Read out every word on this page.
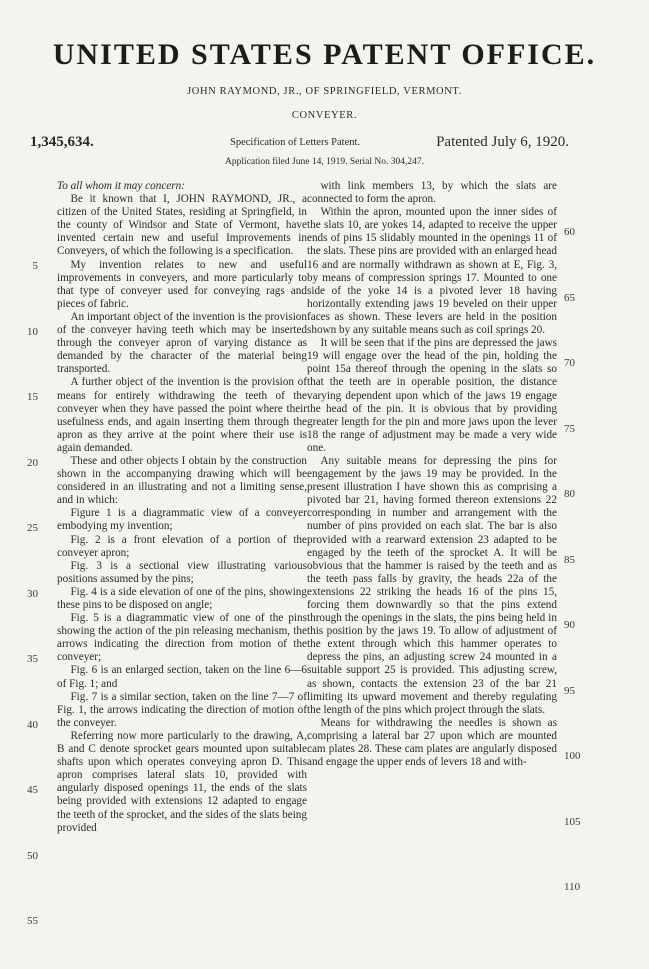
UNITED STATES PATENT OFFICE.
JOHN RAYMOND, JR., OF SPRINGFIELD, VERMONT.
CONVEYER.
1,345,634.	Specification of Letters Patent.	Patented July 6, 1920.
Application filed June 14, 1919. Serial No. 304,247.

To all whom it may concern:

Be it known that I, JOHN RAYMOND, JR., a citizen of the United States, residing at Springfield, in the county of Windsor and State of Vermont, have invented certain new and useful Improvements in Conveyers, of which the following is a specification.

My invention relates to new and useful improvements in conveyers, and more particularly to that type of conveyer used for conveying rags and pieces of fabric.

An important object of the invention is the provision of the conveyer having teeth which may be inserted through the conveyer apron of varying distance as demanded by the character of the material being transported.

A further object of the invention is the provision of means for entirely withdrawing the teeth of the conveyer when they have passed the point where their usefulness ends, and again inserting them through the apron as they arrive at the point where their use is again demanded.

These and other objects I obtain by the construction shown in the accompanying drawing which will be considered in an illustrating and not a limiting sense, and in which:

Figure 1 is a diagrammatic view of a conveyer embodying my invention;

Fig. 2 is a front elevation of a portion of the conveyer apron;

Fig. 3 is a sectional view illustrating various positions assumed by the pins;

Fig. 4 is a side elevation of one of the pins, showing these pins to be disposed on angle;

Fig. 5 is a diagrammatic view of one of the pins showing the action of the pin releasing mechanism, the arrows indicating the direction from motion of the conveyer;

Fig. 6 is an enlarged section, taken on the line 6—6 of Fig. 1; and

Fig. 7 is a similar section, taken on the line 7—7 of Fig. 1, the arrows indicating the direction of motion of the conveyer.

Referring now more particularly to the drawing, A, B and C denote sprocket gears mounted upon suitable shafts upon which operates conveying apron D. This apron comprises lateral slats 10, provided with angularly disposed openings 11, the ends of the slats being provided with extensions 12 adapted to engage the teeth of the sprocket, and the sides of the slats being provided

with link members 13, by which the slats are connected to form the apron.

Within the apron, mounted upon the inner sides of the slats 10, are yokes 14, adapted to receive the upper ends of pins 15 slidably mounted in the openings 11 of the slats. These pins are provided with an enlarged head 16 and are normally withdrawn as shown at E, Fig. 3, by means of compression springs 17. Mounted to one side of the yoke 14 is a pivoted lever 18 having horizontally extending jaws 19 beveled on their upper faces as shown. These levers are held in the position shown by any suitable means such as coil springs 20.

It will be seen that if the pins are depressed the jaws 19 will engage over the head of the pin, holding the point 15a thereof through the opening in the slats so that the teeth are in operable position, the distance varying dependent upon which of the jaws 19 engage the head of the pin. It is obvious that by providing greater length for the pin and more jaws upon the lever 18 the range of adjustment may be made a very wide one.

Any suitable means for depressing the pins for engagement by the jaws 19 may be provided. In the present illustration I have shown this as comprising a pivoted bar 21, having formed thereon extensions 22 corresponding in number and arrangement with the number of pins provided on each slat. The bar is also provided with a rearward extension 23 adapted to be engaged by the teeth of the sprocket A. It will be obvious that the hammer is raised by the teeth and as the teeth pass falls by gravity, the heads 22a of the extensions 22 striking the heads 16 of the pins 15, forcing them downwardly so that the pins extend through the openings in the slats, the pins being held in this position by the jaws 19. To allow of adjustment of the extent through which this hammer operates to depress the pins, an adjusting screw 24 mounted in a suitable support 25 is provided. This adjusting screw, as shown, contacts the extension 23 of the bar 21 limiting its upward movement and thereby regulating the length of the pins which project through the slats.

Means for withdrawing the needles is shown as comprising a lateral bar 27 upon which are mounted cam plates 28. These cam plates are angularly disposed and engage the upper ends of levers 18 and with-

5
10
15
20
25
30
35
40
45
50
55
60
65
70
75
80
85
90
95
100
105
110
